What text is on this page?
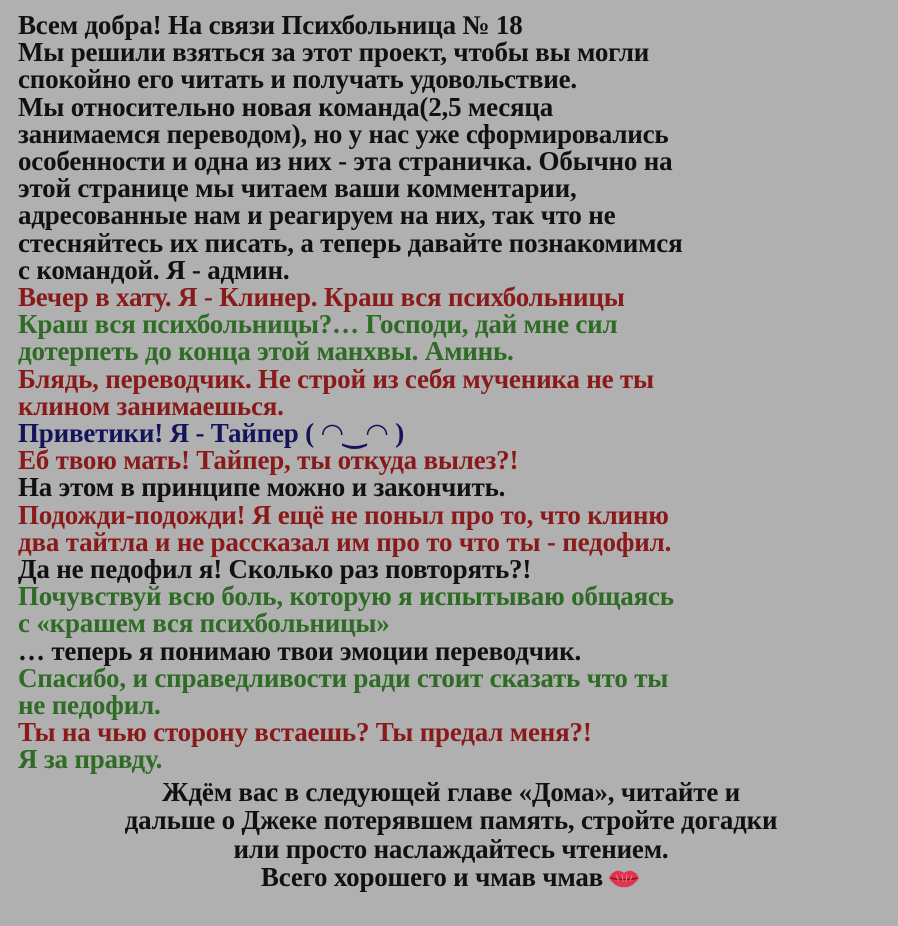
Всем добра! На связи Психбольница № 18
Мы решили взяться за этот проект, чтобы вы могли
спокойно его читать и получать удовольствие.
Мы относительно новая команда(2,5 месяца
занимаемся переводом), но у нас уже сформировались
особенности и одна из них - эта страничка. Обычно на
этой странице мы читаем ваши комментарии,
адресованные нам и реагируем на них, так что не
стесняйтесь их писать, а теперь давайте познакомимся
с командой. Я - админ.
Вечер в хату. Я - Клинер. Краш вся психбольницы
Краш вся психбольницы?… Господи, дай мне сил
дотерпеть до конца этой манхвы. Аминь.
Блядь, переводчик. Не строй из себя мученика не ты
клином занимаешься.
Приветики! Я - Тайпер ( ◠‿◠ )
Еб твою мать! Тайпер, ты откуда вылез?!
На этом в принципе можно и закончить.
Подожди-подожди! Я ещё не поныл про то, что клиню
два тайтла и не рассказал им про то что ты - педофил.
Да не педофил я! Сколько раз повторять?!
Почувствуй всю боль, которую я испытываю общаясь
с «крашем вся психбольницы»
… теперь я понимаю твои эмоции переводчик.
Спасибо, и справедливости ради стоит сказать что ты
не педофил.
Ты на чью сторону встаешь? Ты предал меня?!
Я за правду.
Ждём вас в следующей главе «Дома», читайте и
дальше о Джеке потерявшем память, стройте догадки
или просто наслаждайтесь чтением.
Всего хорошего и чмав чмав
